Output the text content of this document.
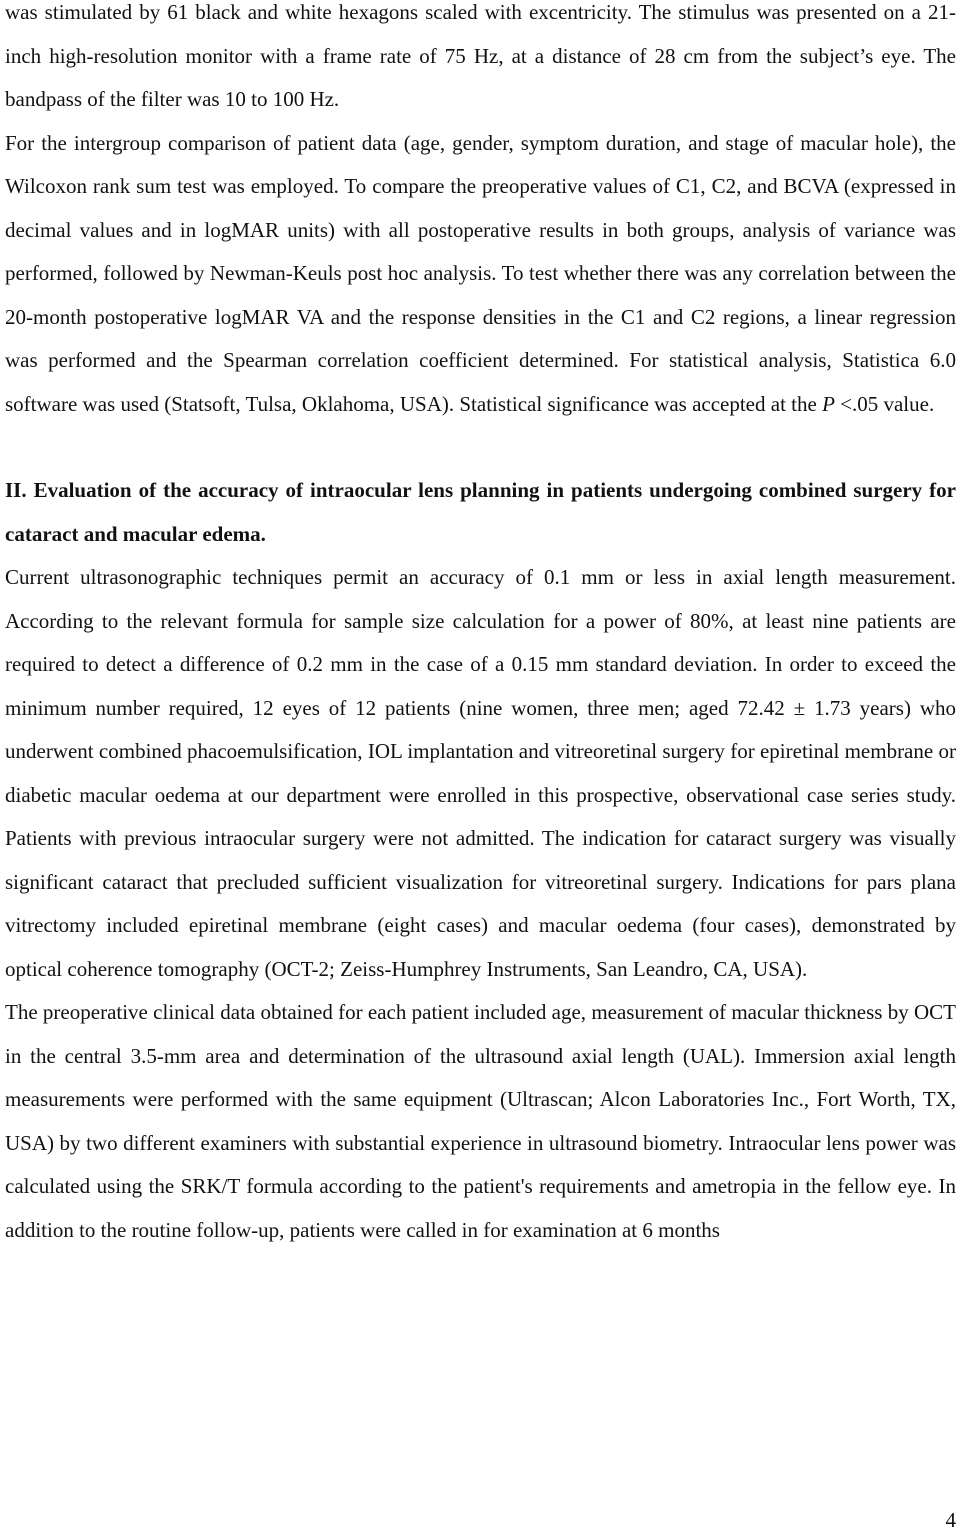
was stimulated by 61 black and white hexagons scaled with excentricity. The stimulus was presented on a 21-inch high-resolution monitor with a frame rate of 75 Hz, at a distance of 28 cm from the subject’s eye. The bandpass of the filter was 10 to 100 Hz.

For the intergroup comparison of patient data (age, gender, symptom duration, and stage of macular hole), the Wilcoxon rank sum test was employed. To compare the preoperative values of C1, C2, and BCVA (expressed in decimal values and in logMAR units) with all postoperative results in both groups, analysis of variance was performed, followed by Newman-Keuls post hoc analysis. To test whether there was any correlation between the 20-month postoperative logMAR VA and the response densities in the C1 and C2 regions, a linear regression was performed and the Spearman correlation coefficient determined. For statistical analysis, Statistica 6.0 software was used (Statsoft, Tulsa, Oklahoma, USA). Statistical significance was accepted at the P <.05 value.

II. Evaluation of the accuracy of intraocular lens planning in patients undergoing combined surgery for cataract and macular edema.

Current ultrasonographic techniques permit an accuracy of 0.1 mm or less in axial length measurement. According to the relevant formula for sample size calculation for a power of 80%, at least nine patients are required to detect a difference of 0.2 mm in the case of a 0.15 mm standard deviation. In order to exceed the minimum number required, 12 eyes of 12 patients (nine women, three men; aged 72.42 ± 1.73 years) who underwent combined phacoemulsification, IOL implantation and vitreoretinal surgery for epiretinal membrane or diabetic macular oedema at our department were enrolled in this prospective, observational case series study. Patients with previous intraocular surgery were not admitted. The indication for cataract surgery was visually significant cataract that precluded sufficient visualization for vitreoretinal surgery. Indications for pars plana vitrectomy included epiretinal membrane (eight cases) and macular oedema (four cases), demonstrated by optical coherence tomography (OCT-2; Zeiss-Humphrey Instruments, San Leandro, CA, USA).

The preoperative clinical data obtained for each patient included age, measurement of macular thickness by OCT in the central 3.5-mm area and determination of the ultrasound axial length (UAL). Immersion axial length measurements were performed with the same equipment (Ultrascan; Alcon Laboratories Inc., Fort Worth, TX, USA) by two different examiners with substantial experience in ultrasound biometry. Intraocular lens power was calculated using the SRK/T formula according to the patient's requirements and ametropia in the fellow eye. In addition to the routine follow-up, patients were called in for examination at 6 months

4
